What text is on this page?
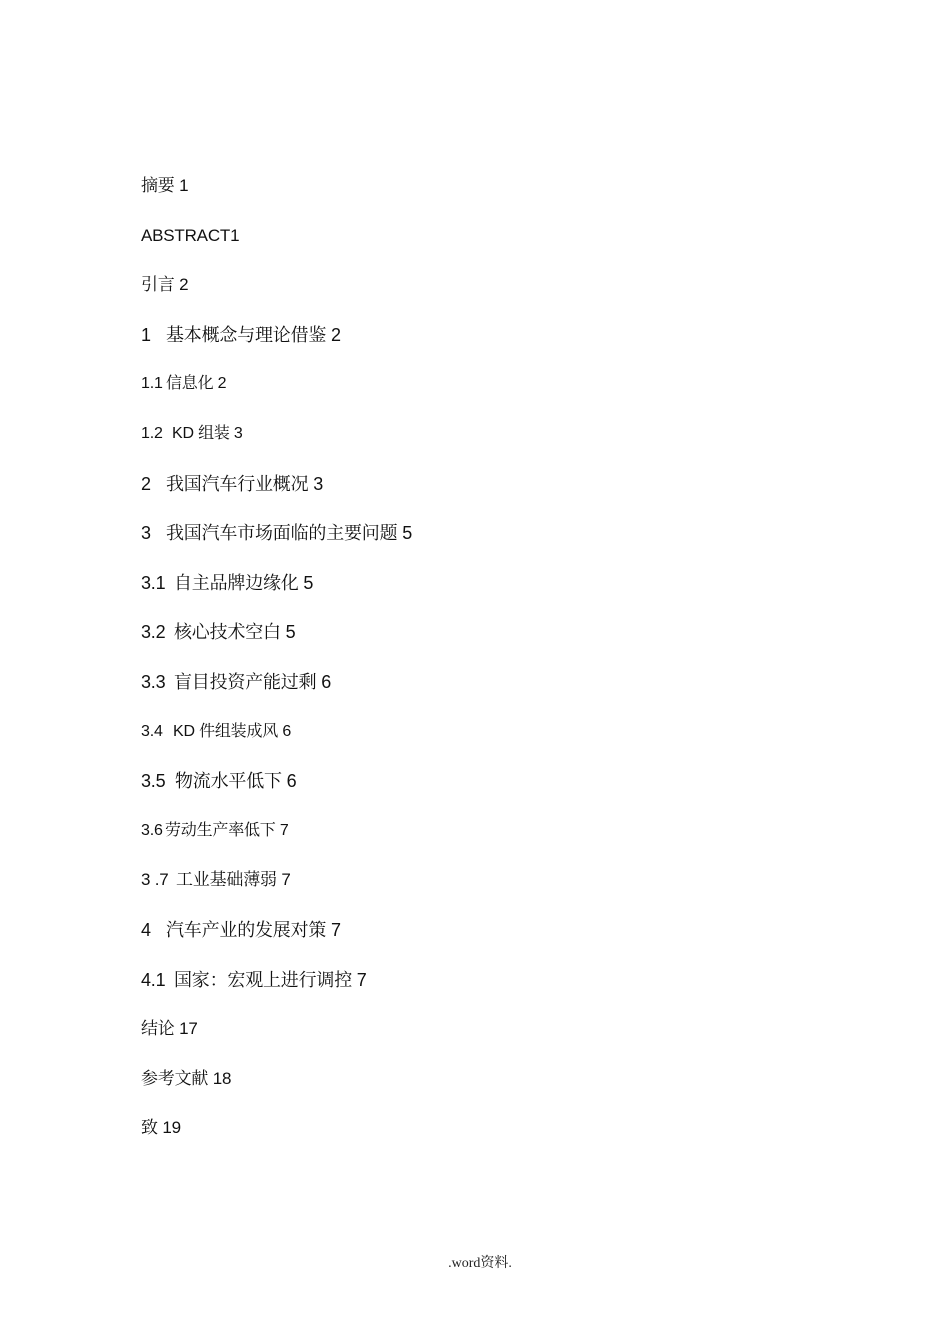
摘要 1
ABSTRACT1
引言 2
1 基本概念与理论借鉴 2
1.1 信息化 2
1.2 KD 组装 3
2 我国汽车行业概况 3
3 我国汽车市场面临的主要问题 5
3.1 自主品牌边缘化 5
3.2 核心技术空白 5
3.3 盲目投资产能过剩 6
3.4 KD 件组装成风 6
3.5 物流水平低下 6
3.6 劳动生产率低下 7
3 .7 工业基础薄弱 7
4 汽车产业的发展对策 7
4.1 国家：宏观上进行调控 7
结论 17
参考文献 18
致 19
.word资料.
